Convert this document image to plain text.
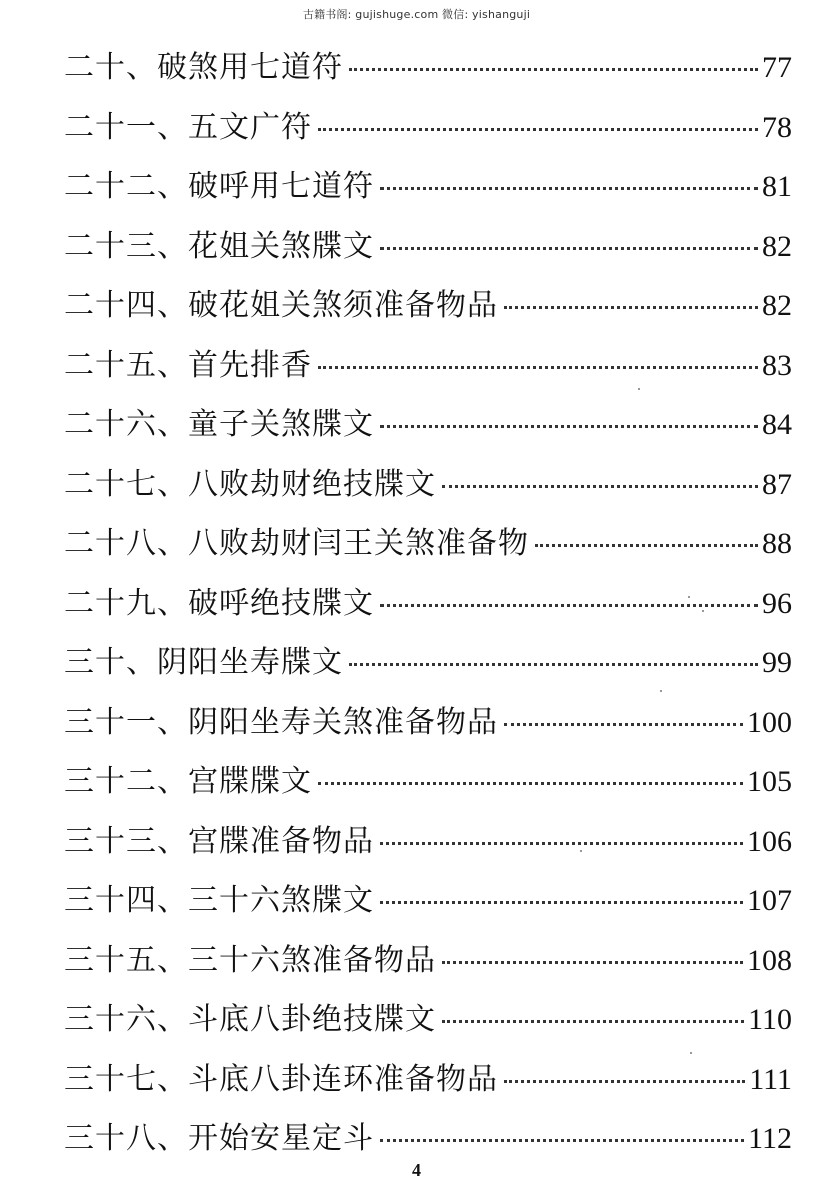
古籍书阁: gujishuge.com 微信: yishanguji
二十、破煞用七道符	77
二十一、五文广符	78
二十二、破呼用七道符	81
二十三、花姐关煞牒文	82
二十四、破花姐关煞须准备物品	82
二十五、首先排香	83
二十六、童子关煞牒文	84
二十七、八败劫财绝技牒文	87
二十八、八败劫财闫王关煞准备物	88
二十九、破呼绝技牒文	96
三十、阴阳坐寿牒文	99
三十一、阴阳坐寿关煞准备物品	100
三十二、宫牒牒文	105
三十三、宫牒准备物品	106
三十四、三十六煞牒文	107
三十五、三十六煞准备物品	108
三十六、斗底八卦绝技牒文	110
三十七、斗底八卦连环准备物品	111
三十八、开始安星定斗	112
4
